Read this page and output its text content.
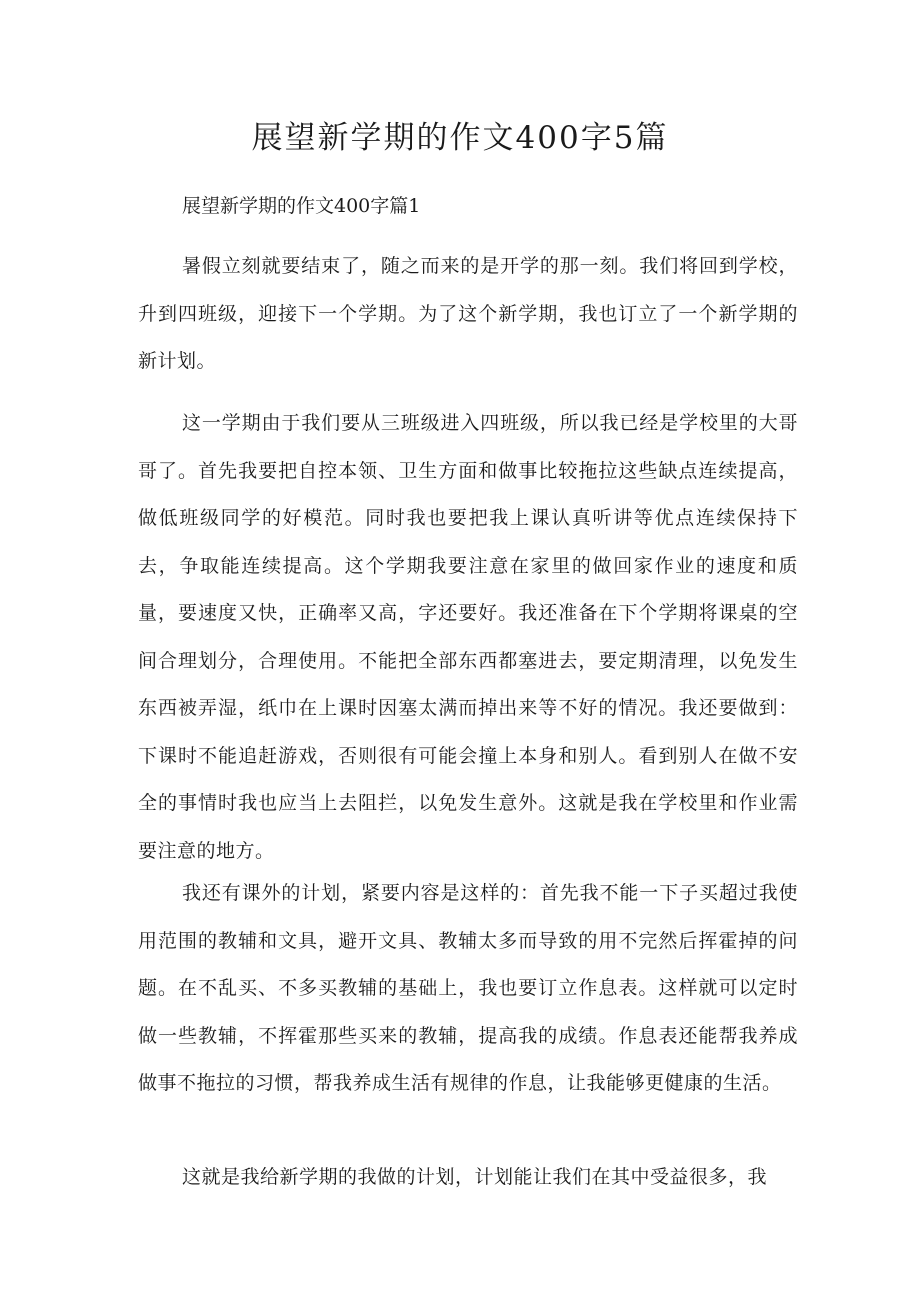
展望新学期的作文400字5篇

展望新学期的作文400字篇1

暑假立刻就要结束了，随之而来的是开学的那一刻。我们将回到学校，升到四班级，迎接下一个学期。为了这个新学期，我也订立了一个新学期的新计划。

这一学期由于我们要从三班级进入四班级，所以我已经是学校里的大哥哥了。首先我要把自控本领、卫生方面和做事比较拖拉这些缺点连续提高，做低班级同学的好模范。同时我也要把我上课认真听讲等优点连续保持下去，争取能连续提高。这个学期我要注意在家里的做回家作业的速度和质量，要速度又快，正确率又高，字还要好。我还准备在下个学期将课桌的空间合理划分，合理使用。不能把全部东西都塞进去，要定期清理，以免发生东西被弄湿，纸巾在上课时因塞太满而掉出来等不好的情况。我还要做到：下课时不能追赶游戏，否则很有可能会撞上本身和别人。看到别人在做不安全的事情时我也应当上去阻拦，以免发生意外。这就是我在学校里和作业需要注意的地方。

我还有课外的计划，紧要内容是这样的：首先我不能一下子买超过我使用范围的教辅和文具，避开文具、教辅太多而导致的用不完然后挥霍掉的问题。在不乱买、不多买教辅的基础上，我也要订立作息表。这样就可以定时做一些教辅，不挥霍那些买来的教辅，提高我的成绩。作息表还能帮我养成做事不拖拉的习惯，帮我养成生活有规律的作息，让我能够更健康的生活。

这就是我给新学期的我做的计划，计划能让我们在其中受益很多，我
